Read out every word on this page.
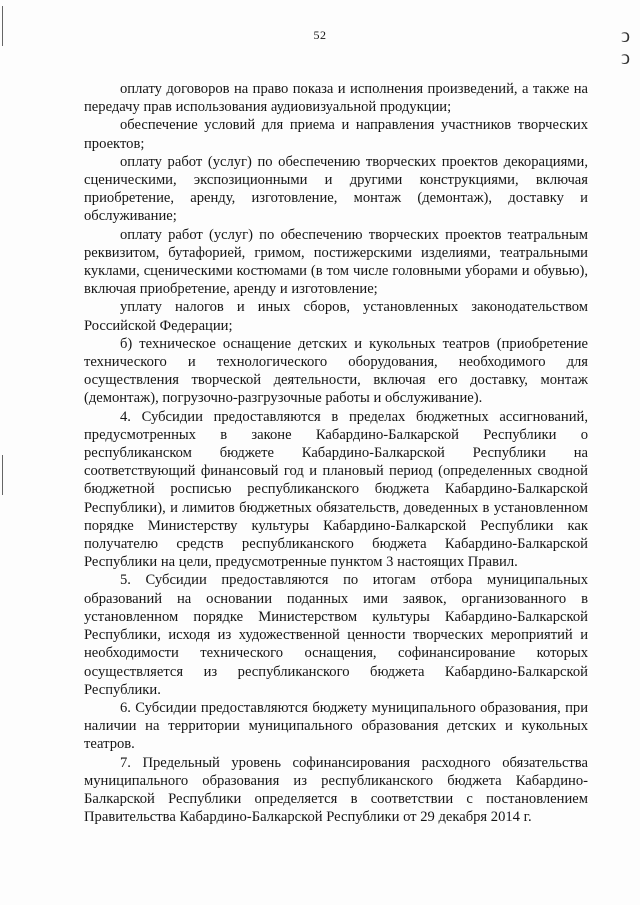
52	ͻ
ͻ

оплату договоров на право показа и исполнения произведений, а также на передачу прав использования аудиовизуальной продукции;

обеспечение условий для приема и направления участников творческих проектов;

оплату работ (услуг) по обеспечению творческих проектов декорациями, сценическими, экспозиционными и другими конструкциями, включая приобретение, аренду, изготовление, монтаж (демонтаж), доставку и обслуживание;

оплату работ (услуг) по обеспечению творческих проектов театральным реквизитом, бутафорией, гримом, постижерскими изделиями, театральными куклами, сценическими костюмами (в том числе головными уборами и обувью), включая приобретение, аренду и изготовление;

уплату налогов и иных сборов, установленных законодательством Российской Федерации;

б) техническое оснащение детских и кукольных театров (приобретение технического и технологического оборудования, необходимого для осуществления творческой деятельности, включая его доставку, монтаж (демонтаж), погрузочно-разгрузочные работы и обслуживание).

4. Субсидии предоставляются в пределах бюджетных ассигнований, предусмотренных в законе Кабардино-Балкарской Республики о республиканском бюджете Кабардино-Балкарской Республики на соответствующий финансовый год и плановый период (определенных сводной бюджетной росписью республиканского бюджета Кабардино-Балкарской Республики), и лимитов бюджетных обязательств, доведенных в установленном порядке Министерству культуры Кабардино-Балкарской Республики как получателю средств республиканского бюджета Кабардино-Балкарской Республики на цели, предусмотренные пунктом 3 настоящих Правил.

5. Субсидии предоставляются по итогам отбора муниципальных образований на основании поданных ими заявок, организованного в установленном порядке Министерством культуры Кабардино-Балкарской Республики, исходя из художественной ценности творческих мероприятий и необходимости технического оснащения, софинансирование которых осуществляется из республиканского бюджета Кабардино-Балкарской Республики.

6. Субсидии предоставляются бюджету муниципального образования, при наличии на территории муниципального образования детских и кукольных театров.

7. Предельный уровень софинансирования расходного обязательства муниципального образования из республиканского бюджета Кабардино-Балкарской Республики определяется в соответствии с постановлением Правительства Кабардино-Балкарской Республики от 29 декабря 2014 г.
